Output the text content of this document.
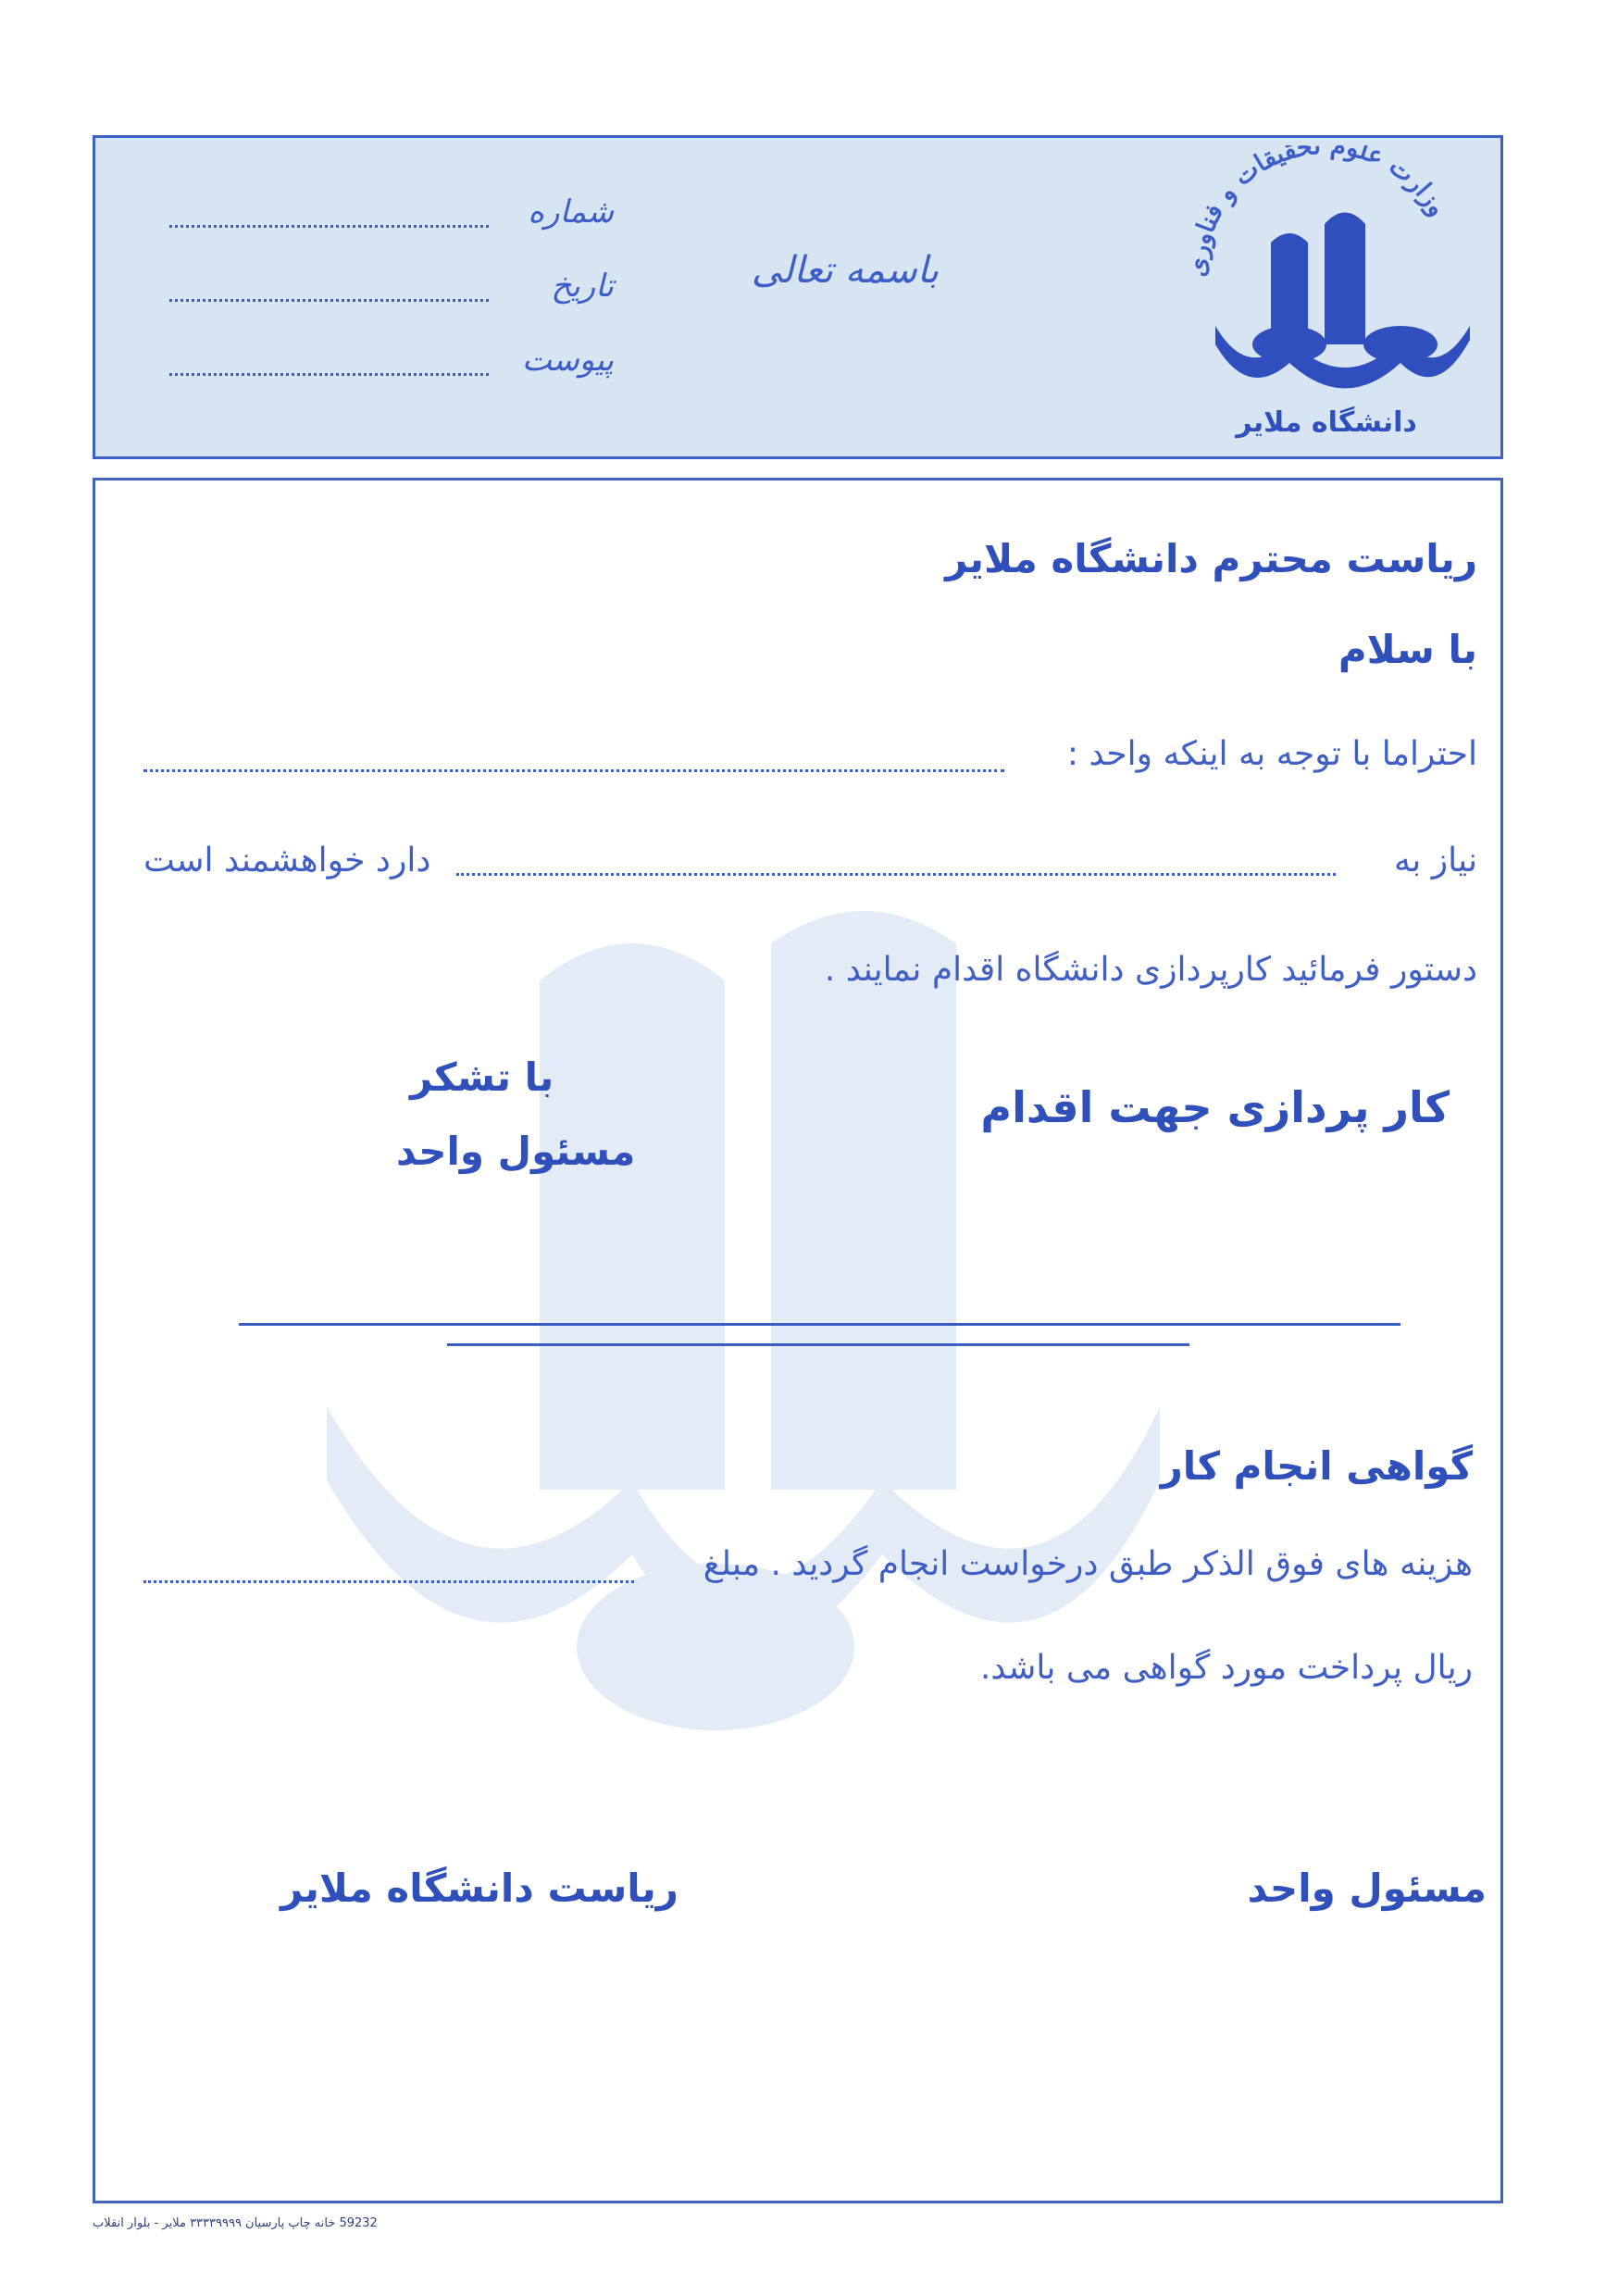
وزارت علوم تحقیقات و فناوری
دانشگاه ملایر
باسمه تعالی
شماره
تاریخ
پیوست
ریاست محترم دانشگاه ملایر
با سلام
احتراما با توجه به اینکه واحد :
نیاز به
دارد خواهشمند است
دستور فرمائید کارپردازی دانشگاه اقدام نمایند .
کار پردازی جهت اقدام
با تشکر
مسئول واحد
گواهی انجام کار
هزینه های فوق الذکر طبق درخواست انجام گردید . مبلغ
ریال پرداخت مورد گواهی می باشد.
مسئول واحد
ریاست دانشگاه ملایر
59232 خانه چاپ پارسیان ۳۳۳۳۹۹۹۹ ملایر - بلوار انقلاب
